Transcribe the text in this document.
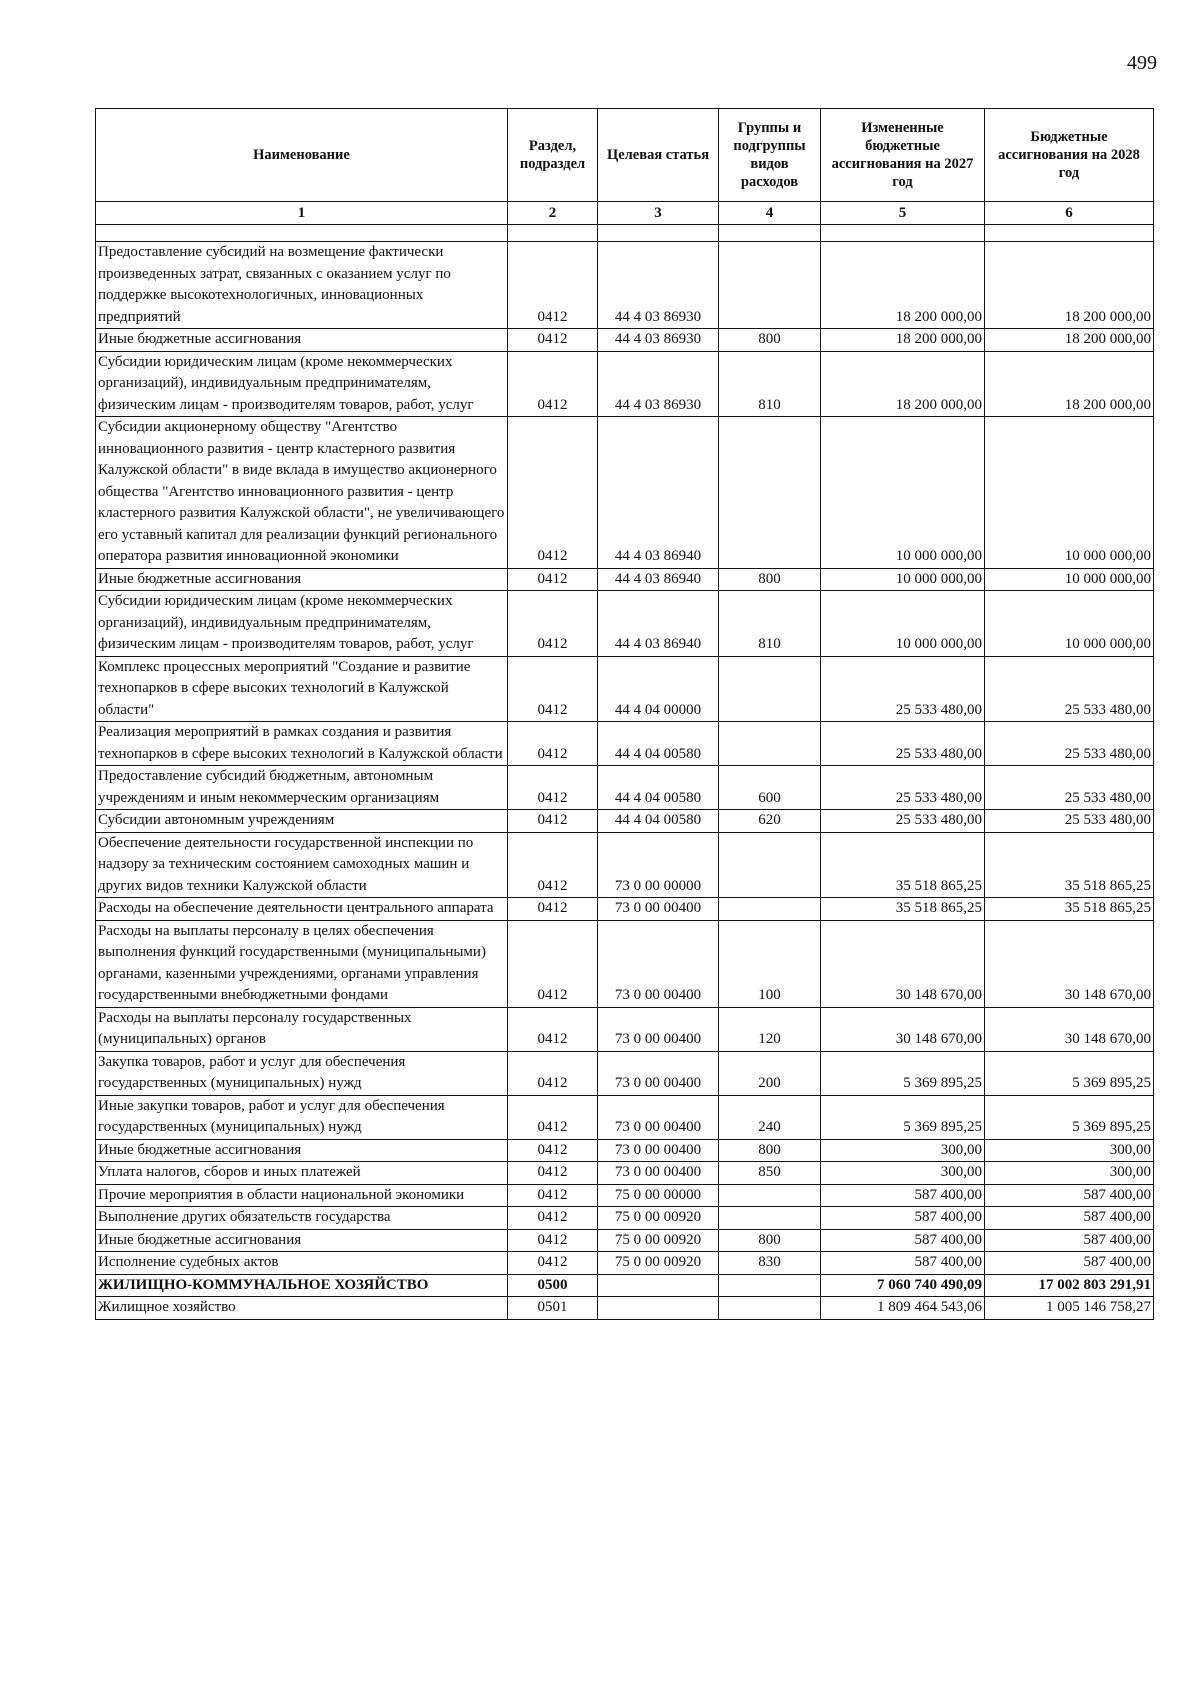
499
Наименование	Раздел, подраздел	Целевая статья	Группы и подгруппы видов расходов	Измененные бюджетные ассигнования на 2027 год	Бюджетные ассигнования на 2028 год
1	2	3	4	5	6

Предоставление субсидий на возмещение фактически произведенных затрат, связанных с оказанием услуг по поддержке высокотехнологичных, инновационных предприятий	0412	44 4 03 86930		18 200 000,00	18 200 000,00
Иные бюджетные ассигнования	0412	44 4 03 86930	800	18 200 000,00	18 200 000,00
Субсидии юридическим лицам (кроме некоммерческих организаций), индивидуальным предпринимателям, физическим лицам - производителям товаров, работ, услуг	0412	44 4 03 86930	810	18 200 000,00	18 200 000,00
Субсидии акционерному обществу "Агентство инновационного развития - центр кластерного развития Калужской области" в виде вклада в имущество акционерного общества "Агентство инновационного развития - центр кластерного развития Калужской области", не увеличивающего его уставный капитал для реализации функций регионального оператора развития инновационной экономики	0412	44 4 03 86940		10 000 000,00	10 000 000,00
Иные бюджетные ассигнования	0412	44 4 03 86940	800	10 000 000,00	10 000 000,00
Субсидии юридическим лицам (кроме некоммерческих организаций), индивидуальным предпринимателям, физическим лицам - производителям товаров, работ, услуг	0412	44 4 03 86940	810	10 000 000,00	10 000 000,00
Комплекс процессных мероприятий "Создание и развитие технопарков в сфере высоких технологий в Калужской области"	0412	44 4 04 00000		25 533 480,00	25 533 480,00
Реализация мероприятий в рамках создания и развития технопарков в сфере высоких технологий в Калужской области	0412	44 4 04 00580		25 533 480,00	25 533 480,00
Предоставление субсидий бюджетным, автономным учреждениям и иным некоммерческим организациям	0412	44 4 04 00580	600	25 533 480,00	25 533 480,00
Субсидии автономным учреждениям	0412	44 4 04 00580	620	25 533 480,00	25 533 480,00
Обеспечение деятельности государственной инспекции по надзору за техническим состоянием самоходных машин и других видов техники Калужской области	0412	73 0 00 00000		35 518 865,25	35 518 865,25
Расходы на обеспечение деятельности центрального аппарата	0412	73 0 00 00400		35 518 865,25	35 518 865,25
Расходы на выплаты персоналу в целях обеспечения выполнения функций государственными (муниципальными) органами, казенными учреждениями, органами управления государственными внебюджетными фондами	0412	73 0 00 00400	100	30 148 670,00	30 148 670,00
Расходы на выплаты персоналу государственных (муниципальных) органов	0412	73 0 00 00400	120	30 148 670,00	30 148 670,00
Закупка товаров, работ и услуг для обеспечения государственных (муниципальных) нужд	0412	73 0 00 00400	200	5 369 895,25	5 369 895,25
Иные закупки товаров, работ и услуг для обеспечения государственных (муниципальных) нужд	0412	73 0 00 00400	240	5 369 895,25	5 369 895,25
Иные бюджетные ассигнования	0412	73 0 00 00400	800	300,00	300,00
Уплата налогов, сборов и иных платежей	0412	73 0 00 00400	850	300,00	300,00
Прочие мероприятия в области национальной экономики	0412	75 0 00 00000		587 400,00	587 400,00
Выполнение других обязательств государства	0412	75 0 00 00920		587 400,00	587 400,00
Иные бюджетные ассигнования	0412	75 0 00 00920	800	587 400,00	587 400,00
Исполнение судебных актов	0412	75 0 00 00920	830	587 400,00	587 400,00
ЖИЛИЩНО-КОММУНАЛЬНОЕ ХОЗЯЙСТВО	0500			7 060 740 490,09	17 002 803 291,91
Жилищное хозяйство	0501			1 809 464 543,06	1 005 146 758,27
